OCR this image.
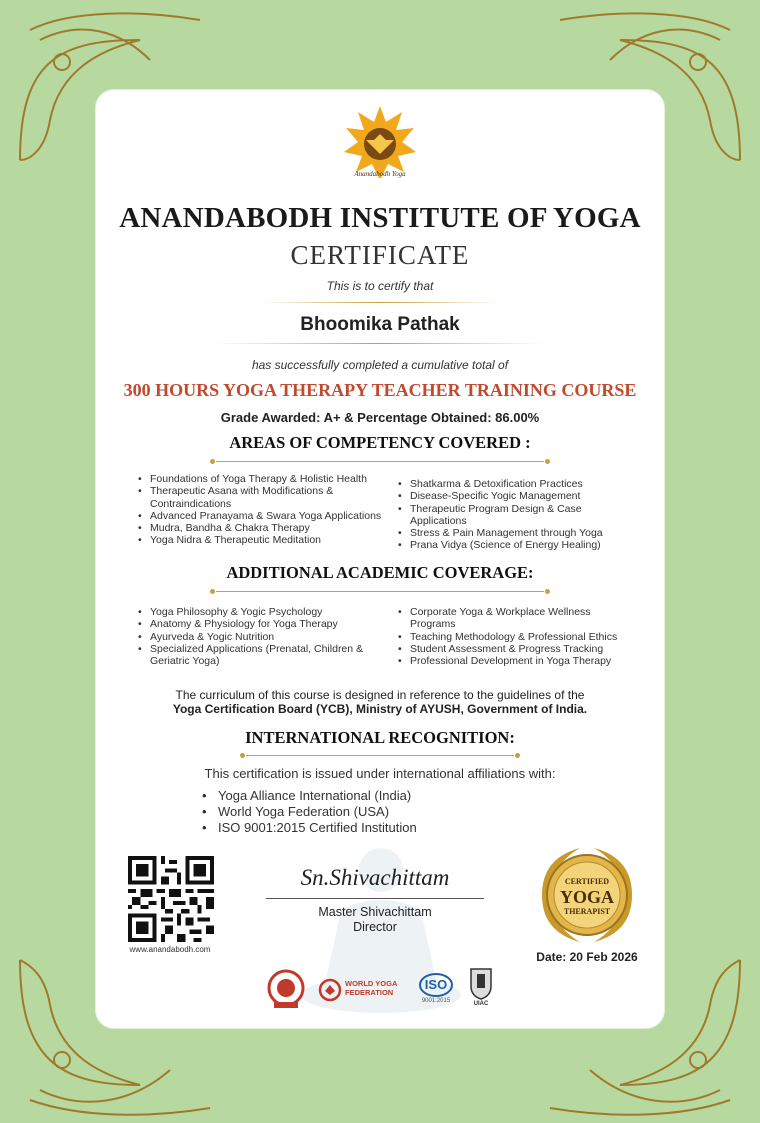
Anandabodh Yoga
ANANDABODH INSTITUTE OF YOGA
CERTIFICATE
This is to certify that
Bhoomika Pathak
has successfully completed a cumulative total of
300 HOURS YOGA THERAPY TEACHER TRAINING COURSE
Grade Awarded: A+ & Percentage Obtained: 86.00%
AREAS OF COMPETENCY COVERED :
• Foundations of Yoga Therapy & Holistic Health
• Therapeutic Asana with Modifications & Contraindications
• Advanced Pranayama & Swara Yoga Applications
• Mudra, Bandha & Chakra Therapy
• Yoga Nidra & Therapeutic Meditation
• Shatkarma & Detoxification Practices
• Disease-Specific Yogic Management
• Therapeutic Program Design & Case Applications
• Stress & Pain Management through Yoga
• Prana Vidya (Science of Energy Healing)
ADDITIONAL ACADEMIC COVERAGE:
• Yoga Philosophy & Yogic Psychology
• Anatomy & Physiology for Yoga Therapy
• Ayurveda & Yogic Nutrition
• Specialized Applications (Prenatal, Children & Geriatric Yoga)
• Corporate Yoga & Workplace Wellness Programs
• Teaching Methodology & Professional Ethics
• Student Assessment & Progress Tracking
• Professional Development in Yoga Therapy
The curriculum of this course is designed in reference to the guidelines of the
Yoga Certification Board (YCB), Ministry of AYUSH, Government of India.
INTERNATIONAL RECOGNITION:
This certification is issued under international affiliations with:
• Yoga Alliance International (India)
• World Yoga Federation (USA)
• ISO 9001:2015 Certified Institution
www.anandabodh.com
Sn.Shivachittam
Master Shivachittam
Director
CERTIFIED
YOGA
THERAPIST
Date: 20 Feb 2026
WORLD YOGA
FEDERATION
ISO
9001:2015	UIAC
